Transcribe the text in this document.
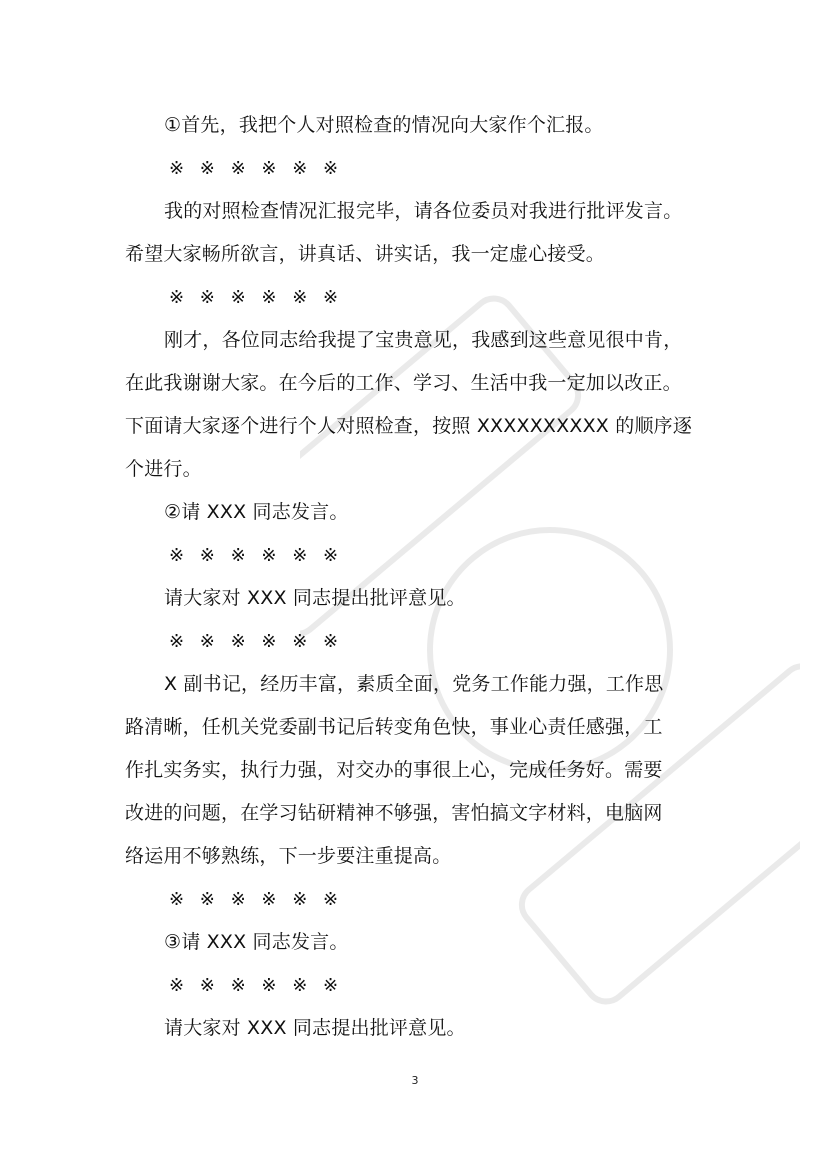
①首先，我把个人对照检查的情况向大家作个汇报。
※ ※ ※ ※ ※ ※
我的对照检查情况汇报完毕，请各位委员对我进行批评发言。
希望大家畅所欲言，讲真话、讲实话，我一定虚心接受。
※ ※ ※ ※ ※ ※
刚才，各位同志给我提了宝贵意见，我感到这些意见很中肯，
在此我谢谢大家。在今后的工作、学习、生活中我一定加以改正。
下面请大家逐个进行个人对照检查，按照 XXXXXXXXXX 的顺序逐
个进行。
②请 XXX 同志发言。
※ ※ ※ ※ ※ ※
请大家对 XXX 同志提出批评意见。
※ ※ ※ ※ ※ ※
X 副书记，经历丰富，素质全面，党务工作能力强，工作思
路清晰，任机关党委副书记后转变角色快，事业心责任感强，工
作扎实务实，执行力强，对交办的事很上心，完成任务好。需要
改进的问题，在学习钻研精神不够强，害怕搞文字材料，电脑网
络运用不够熟练，下一步要注重提高。
※ ※ ※ ※ ※ ※
③请 XXX 同志发言。
※ ※ ※ ※ ※ ※
请大家对 XXX 同志提出批评意见。
3
